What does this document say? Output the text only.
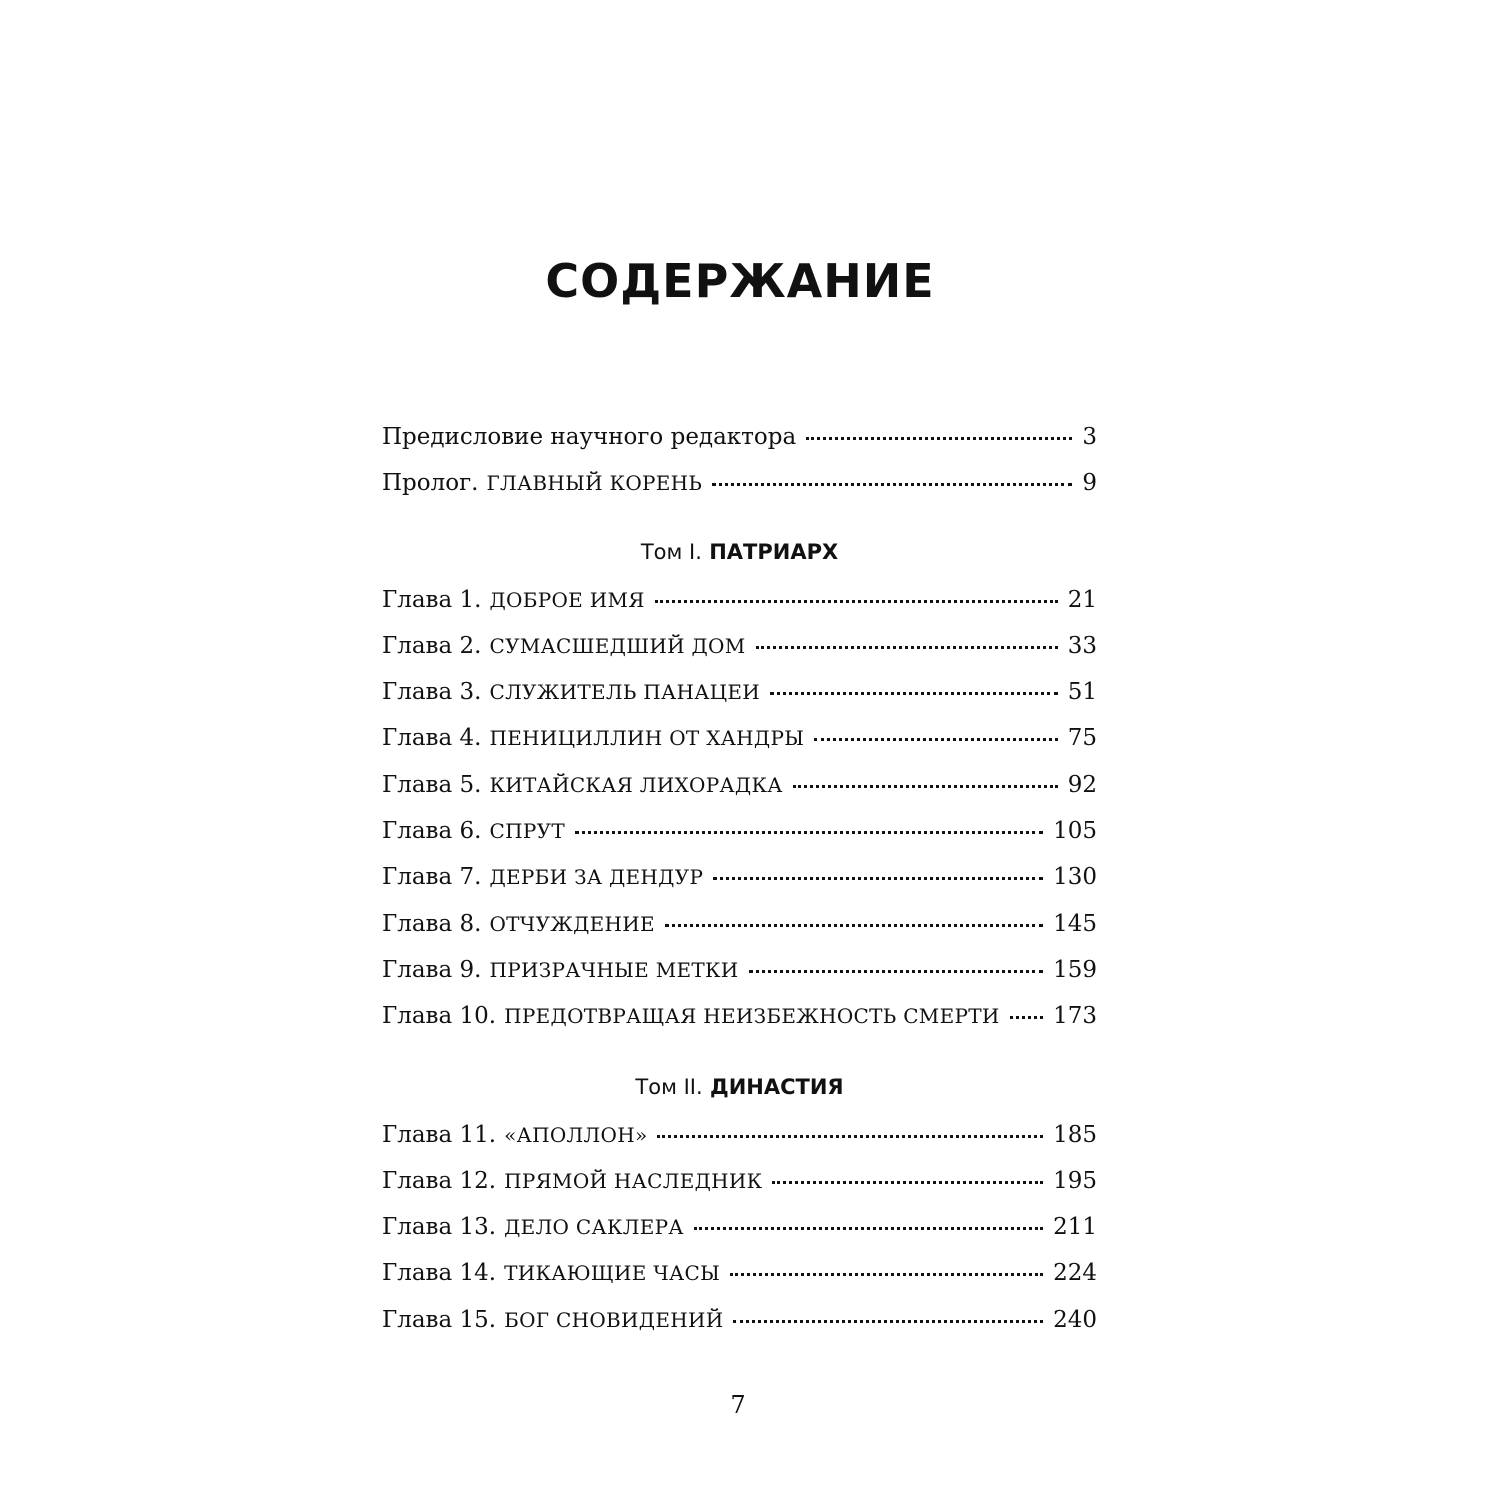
СОДЕРЖАНИЕ
Предисловие научного редактора	3
Пролог. ГЛАВНЫЙ КОРЕНЬ	9
Том I. ПАТРИАРХ
Глава 1. ДОБРОЕ ИМЯ	21
Глава 2. СУМАСШЕДШИЙ ДОМ	33
Глава 3. СЛУЖИТЕЛЬ ПАНАЦЕИ	51
Глава 4. ПЕНИЦИЛЛИН ОТ ХАНДРЫ	75
Глава 5. КИТАЙСКАЯ ЛИХОРАДКА	92
Глава 6. СПРУТ	105
Глава 7. ДЕРБИ ЗА ДЕНДУР	130
Глава 8. ОТЧУЖДЕНИЕ	145
Глава 9. ПРИЗРАЧНЫЕ МЕТКИ	159
Глава 10. ПРЕДОТВРАЩАЯ НЕИЗБЕЖНОСТЬ СМЕРТИ 173
Том II. ДИНАСТИЯ
Глава 11. «АПОЛЛОН»	185
Глава 12. ПРЯМОЙ НАСЛЕДНИК	195
Глава 13. ДЕЛО САКЛЕРА	211
Глава 14. ТИКАЮЩИЕ ЧАСЫ	224
Глава 15. БОГ СНОВИДЕНИЙ	240
7
